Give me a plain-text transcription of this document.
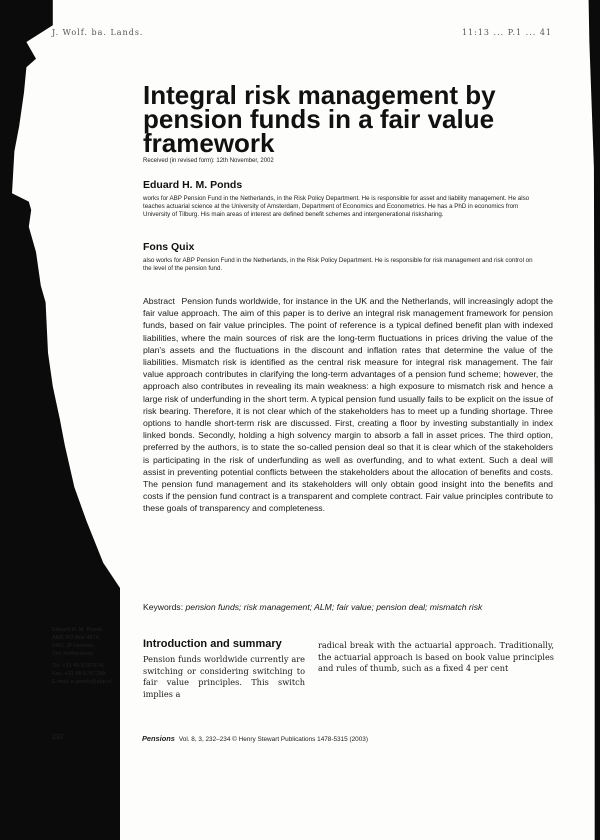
J. Wolf. ba. Lands.	11:13 ... P.1 ... 41
Integral risk management by pension funds in a fair value framework
Received (in revised form): 12th November, 2002
Eduard H. M. Ponds
works for ABP Pension Fund in the Netherlands, in the Risk Policy Department. He is responsible for asset and liability management. He also teaches actuarial science at the University of Amsterdam, Department of Economics and Econometrics. He has a PhD in economics from University of Tilburg. His main areas of interest are defined benefit schemes and intergenerational risksharing.
Fons Quix
also works for ABP Pension Fund in the Netherlands, in the Risk Policy Department. He is responsible for risk management and risk control on the level of the pension fund.
Abstract Pension funds worldwide, for instance in the UK and the Netherlands, will increasingly adopt the fair value approach. The aim of this paper is to derive an integral risk management framework for pension funds, based on fair value principles. The point of reference is a typical defined benefit plan with indexed liabilities, where the main sources of risk are the long-term fluctuations in prices driving the value of the plan's assets and the fluctuations in the discount and inflation rates that determine the value of the liabilities. Mismatch risk is identified as the central risk measure for integral risk management. The fair value approach contributes in clarifying the long-term advantages of a pension fund scheme; however, the approach also contributes in revealing its main weakness: a high exposure to mismatch risk and hence a large risk of underfunding in the short term. A typical pension fund usually fails to be explicit on the issue of risk bearing. Therefore, it is not clear which of the stakeholders has to meet up a funding shortage. Three options to handle short-term risk are discussed. First, creating a floor by investing substantially in index linked bonds. Secondly, holding a high solvency margin to absorb a fall in asset prices. The third option, preferred by the authors, is to state the so-called pension deal so that it is clear which of the stakeholders is participating in the risk of underfunding as well as overfunding, and to what extent. Such a deal will assist in preventing potential conflicts between the stakeholders about the allocation of benefits and costs. The pension fund management and its stakeholders will only obtain good insight into the benefits and costs if the pension fund contract is a transparent and complete contract. Fair value principles contribute to these goals of transparency and completeness.
Keywords: pension funds; risk management; ALM; fair value; pension deal; mismatch risk
Eduard H. M. Ponds
ABP, PO Box 4874,
6401 JP Heerlen,
The Netherlands
Tel: +31 45 5787674;
Fax: +31 45 5787298;
E-mail: e.ponds@abp.nl
Introduction and summary
Pension funds worldwide currently are switching or considering switching to fair value principles. This switch implies a
radical break with the actuarial approach. Traditionally, the actuarial approach is based on book value principles and rules of thumb, such as a fixed 4 per cent
232	Pensions Vol. 8, 3, 232–234 © Henry Stewart Publications 1478-5315 (2003)
